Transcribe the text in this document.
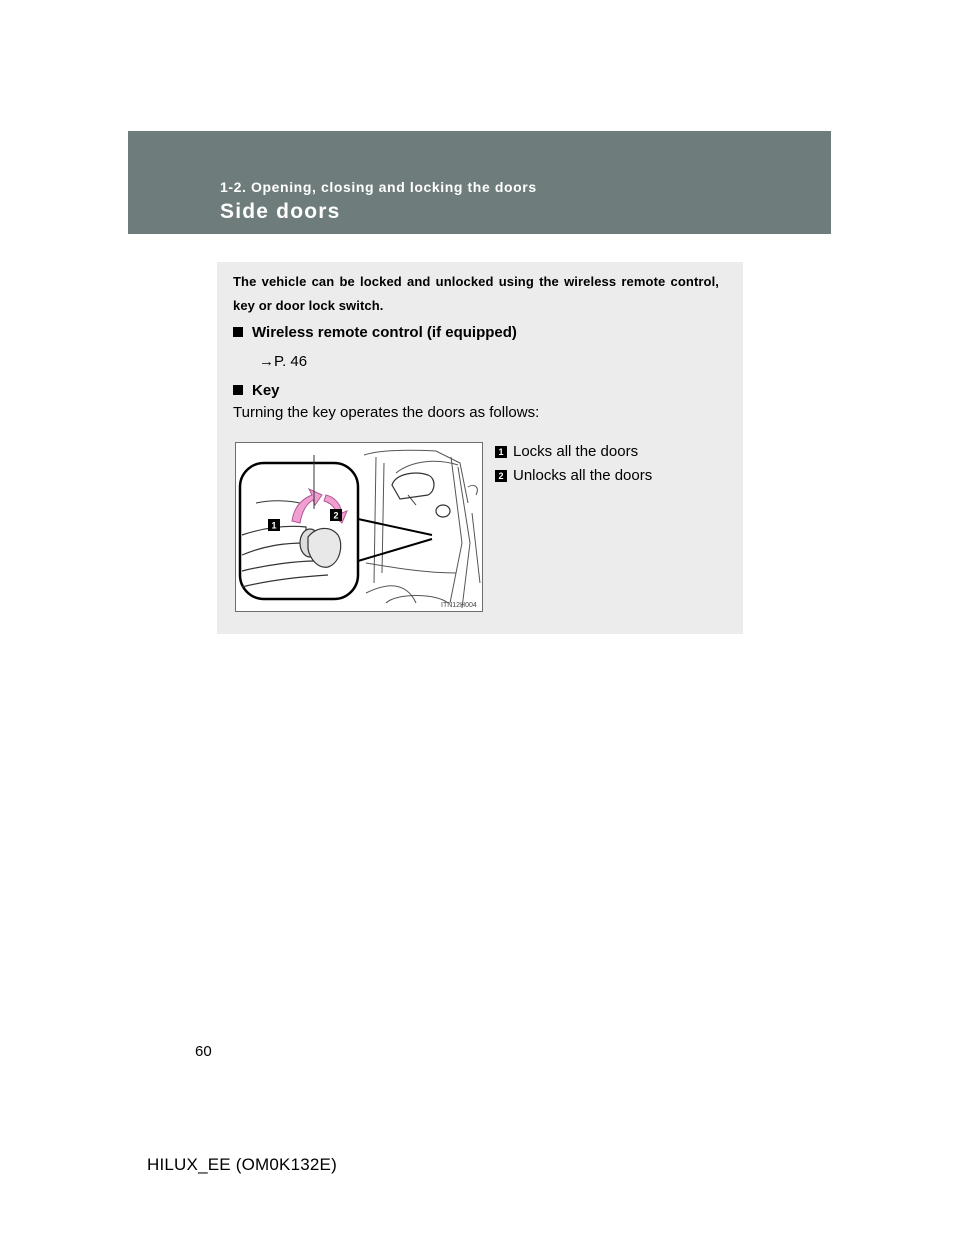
1-2. Opening, closing and locking the doors
Side doors
The vehicle can be locked and unlocked using the wireless remote control, key or door lock switch.
Wireless remote control (if equipped)
→P. 46
Key
Turning the key operates the doors as follows:
1
2
ITN12H004
1 Locks all the doors
2 Unlocks all the doors
60
HILUX_EE (OM0K132E)
